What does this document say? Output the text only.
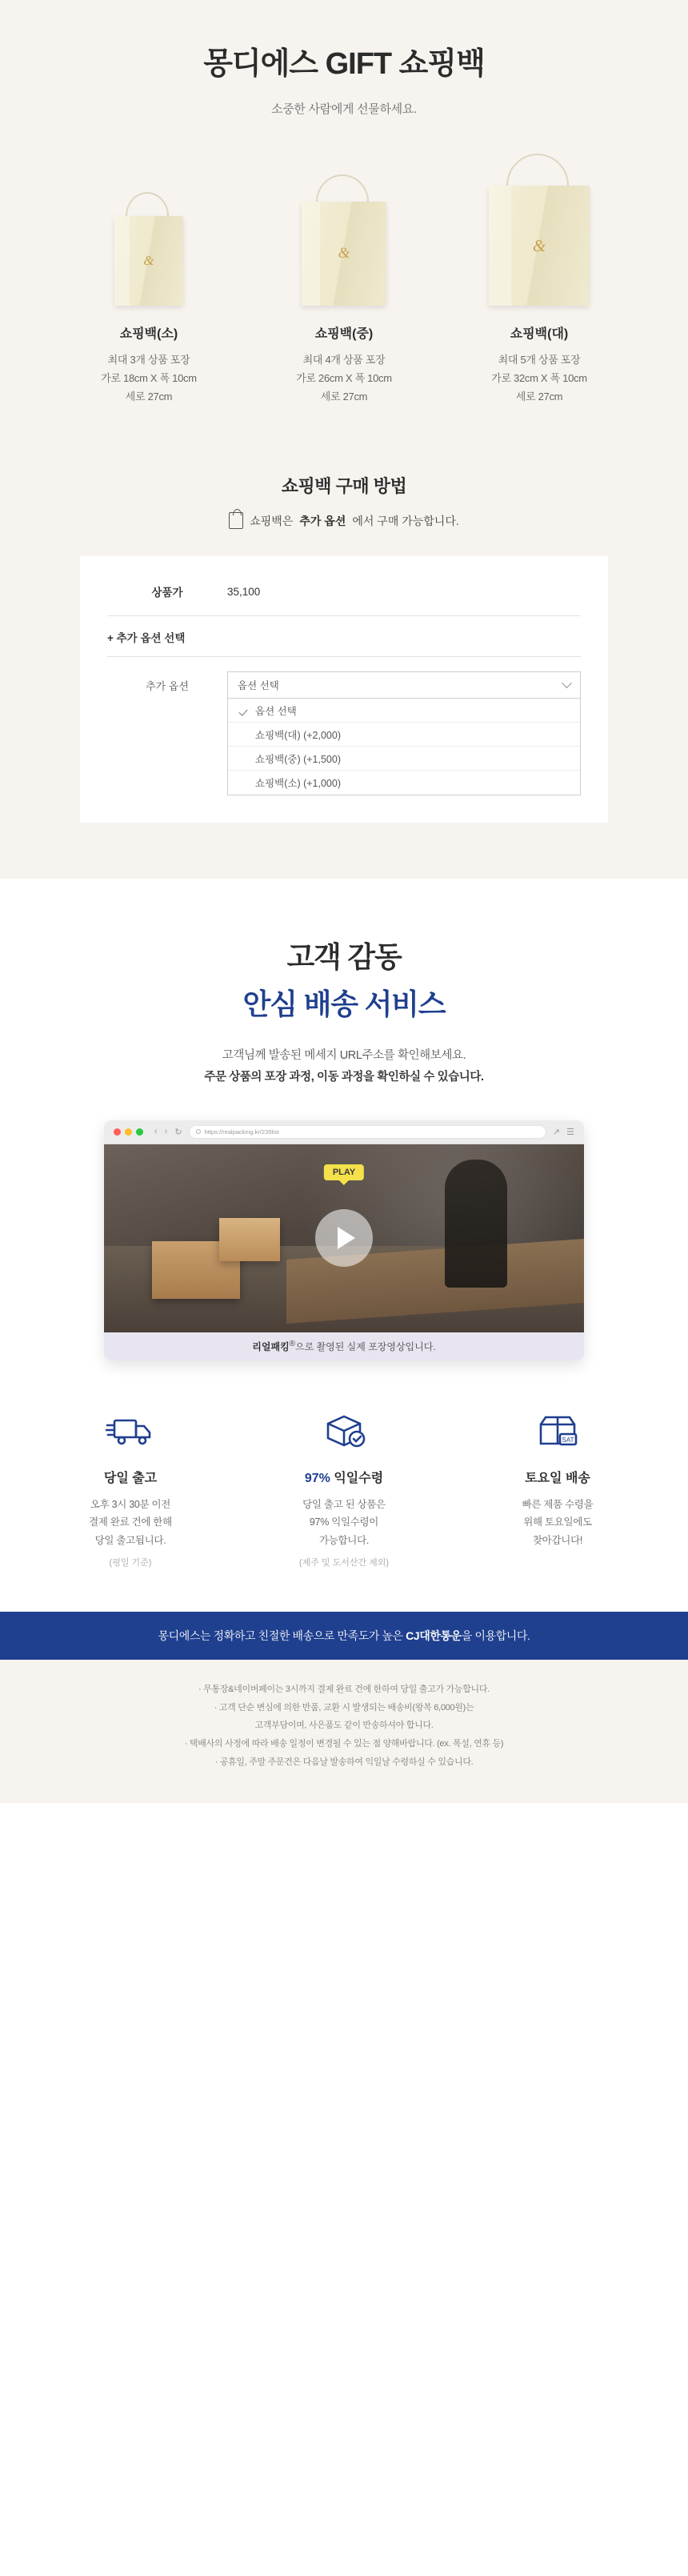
몽디에스 GIFT 쇼핑백

소중한 사람에게 선물하세요.

&
쇼핑백(소)
최대 3개 상품 포장
가로 18cm X 폭 10cm
세로 27cm
&
쇼핑백(중)
최대 4개 상품 포장
가로 26cm X 폭 10cm
세로 27cm
&
쇼핑백(대)
최대 5개 상품 포장
가로 32cm X 폭 10cm
세로 27cm
쇼핑백 구매 방법
쇼핑백은 추가 옵션 에서 구매 가능합니다.
상품가	35,100
+ 추가 옵션 선택
추가 옵션	옵션 선택
옵션 선택
쇼핑백(대) (+2,000)
쇼핑백(중) (+1,500)
쇼핑백(소) (+1,000)
고객 감동
안심 배송 서비스
고객님께 발송된 메세지 URL주소를 확인해보세요.
주문 상품의 포장 과정, 이동 과정을 확인하실 수 있습니다.
‹ › ↻	https://realpacking.kr/235list	↗ ☰
PLAY
리얼패킹®으로 촬영된 실제 포장영상입니다.
당일 출고
오후 3시 30분 이전
결제 완료 건에 한해
당일 출고됩니다.
(평일 기준)
97% 익일수령
당일 출고 된 상품은
97% 익일수령이
가능합니다.
(제주 및 도서산간 제외)
SAT
토요일 배송
빠른 제품 수령을
위해 토요일에도
찾아갑니다!
몽디에스는 정확하고 친절한 배송으로 만족도가 높은 CJ대한통운을 이용합니다.
· 무통장&네이버페이는 3시까지 결제 완료 건에 한하여 당일 출고가 가능합니다.
· 고객 단순 변심에 의한 반품, 교환 시 발생되는 배송비(왕복 6,000원)는
고객부담이며, 사은품도 같이 반송하셔야 합니다.
· 택배사의 사정에 따라 배송 일정이 변경될 수 있는 점 양해바랍니다. (ex. 폭설, 연휴 등)
· 공휴일, 주말 주문건은 다음날 발송하여 익일날 수령하실 수 있습니다.
